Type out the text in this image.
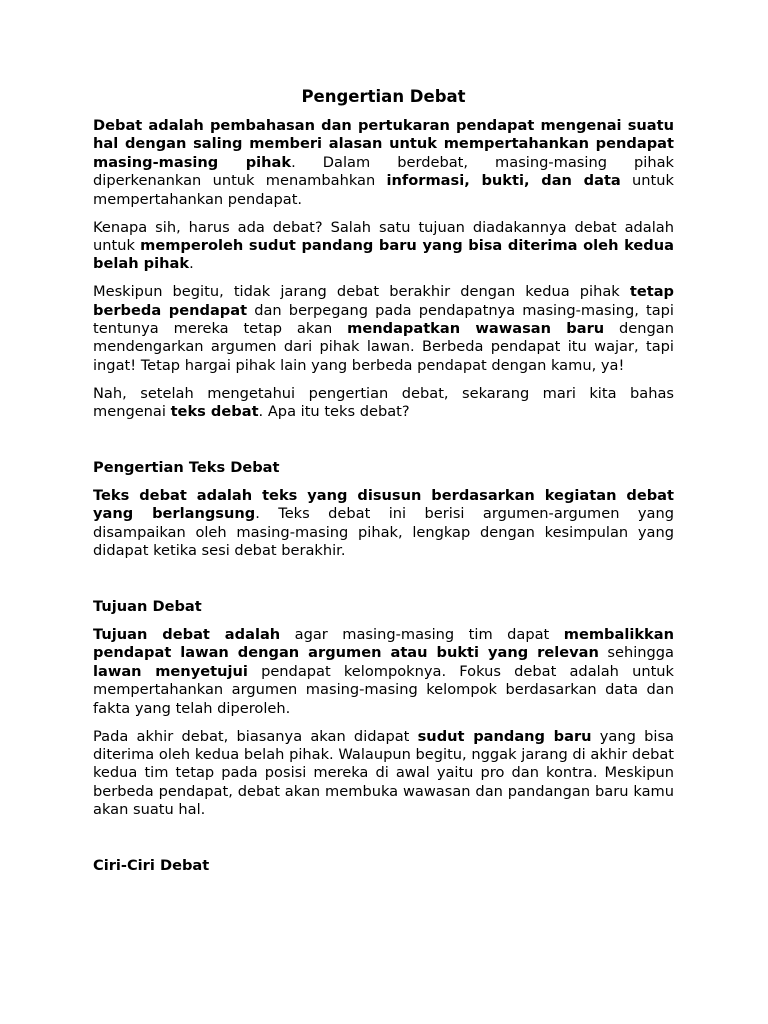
Pengertian Debat

Debat adalah pembahasan dan pertukaran pendapat mengenai suatu hal dengan saling memberi alasan untuk mempertahankan pendapat masing-masing pihak. Dalam berdebat, masing-masing pihak diperkenankan untuk menambahkan informasi, bukti, dan data untuk mempertahankan pendapat.

Kenapa sih, harus ada debat? Salah satu tujuan diadakannya debat adalah untuk memperoleh sudut pandang baru yang bisa diterima oleh kedua belah pihak.

Meskipun begitu, tidak jarang debat berakhir dengan kedua pihak tetap berbeda pendapat dan berpegang pada pendapatnya masing-masing, tapi tentunya mereka tetap akan mendapatkan wawasan baru dengan mendengarkan argumen dari pihak lawan. Berbeda pendapat itu wajar, tapi ingat! Tetap hargai pihak lain yang berbeda pendapat dengan kamu, ya!

Nah, setelah mengetahui pengertian debat, sekarang mari kita bahas mengenai teks debat. Apa itu teks debat?

Pengertian Teks Debat

Teks debat adalah teks yang disusun berdasarkan kegiatan debat yang berlangsung. Teks debat ini berisi argumen-argumen yang disampaikan oleh masing-masing pihak, lengkap dengan kesimpulan yang didapat ketika sesi debat berakhir.

Tujuan Debat

Tujuan debat adalah agar masing-masing tim dapat membalikkan pendapat lawan dengan argumen atau bukti yang relevan sehingga lawan menyetujui pendapat kelompoknya. Fokus debat adalah untuk mempertahankan argumen masing-masing kelompok berdasarkan data dan fakta yang telah diperoleh.

Pada akhir debat, biasanya akan didapat sudut pandang baru yang bisa diterima oleh kedua belah pihak. Walaupun begitu, nggak jarang di akhir debat kedua tim tetap pada posisi mereka di awal yaitu pro dan kontra. Meskipun berbeda pendapat, debat akan membuka wawasan dan pandangan baru kamu akan suatu hal.

Ciri-Ciri Debat
